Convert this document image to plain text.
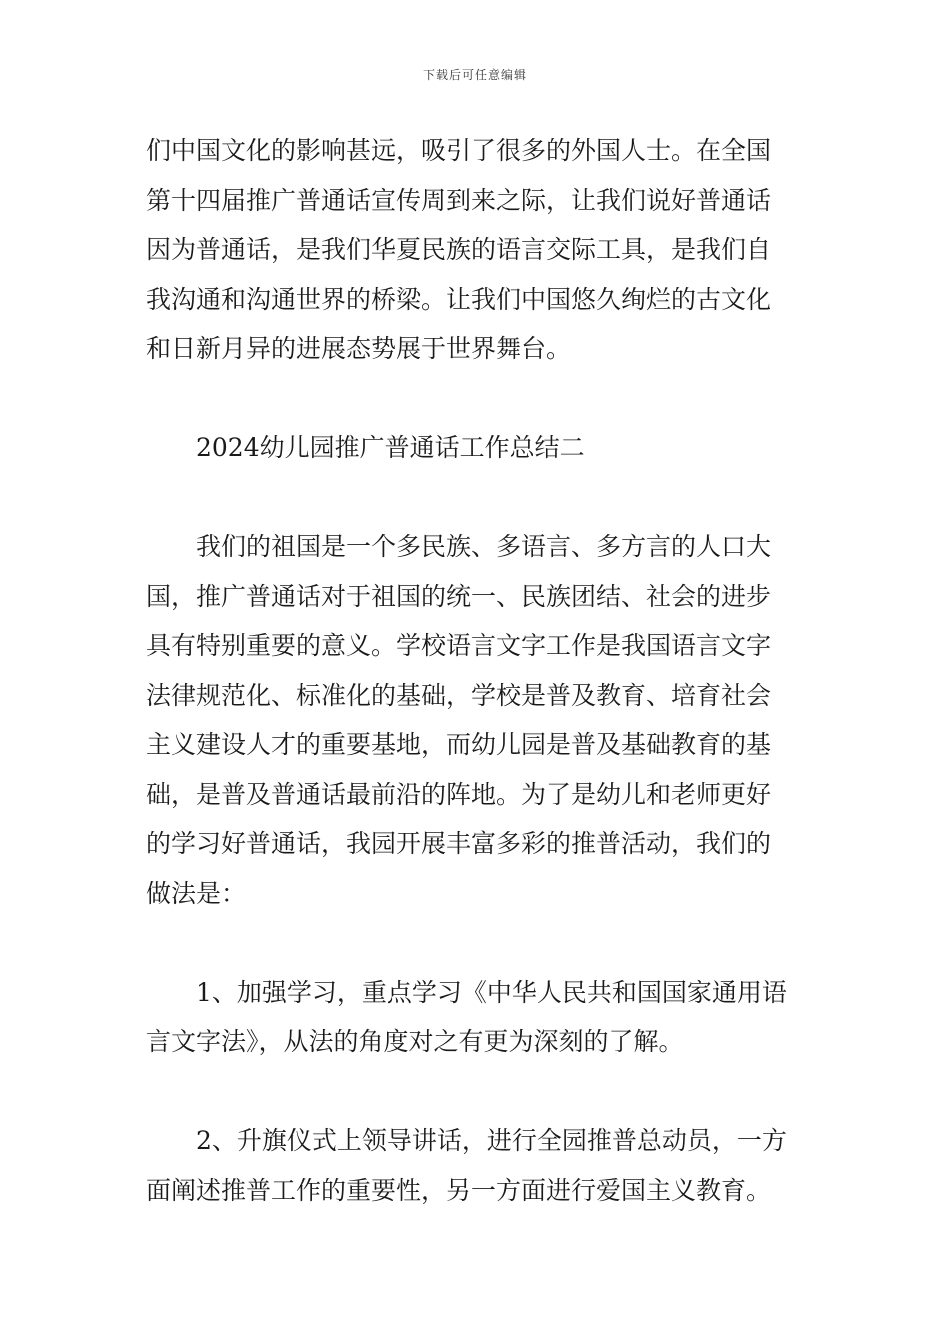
下载后可任意编辑
们中国文化的影响甚远，吸引了很多的外国人士。在全国
第十四届推广普通话宣传周到来之际，让我们说好普通话
因为普通话，是我们华夏民族的语言交际工具，是我们自
我沟通和沟通世界的桥梁。让我们中国悠久绚烂的古文化
和日新月异的进展态势展于世界舞台。
2024幼儿园推广普通话工作总结二
我们的祖国是一个多民族、多语言、多方言的人口大
国，推广普通话对于祖国的统一、民族团结、社会的进步
具有特别重要的意义。学校语言文字工作是我国语言文字
法律规范化、标准化的基础，学校是普及教育、培育社会
主义建设人才的重要基地，而幼儿园是普及基础教育的基
础，是普及普通话最前沿的阵地。为了是幼儿和老师更好
的学习好普通话，我园开展丰富多彩的推普活动，我们的
做法是：
1、加强学习，重点学习《中华人民共和国国家通用语
言文字法》，从法的角度对之有更为深刻的了解。
2、升旗仪式上领导讲话，进行全园推普总动员，一方
面阐述推普工作的重要性，另一方面进行爱国主义教育。
